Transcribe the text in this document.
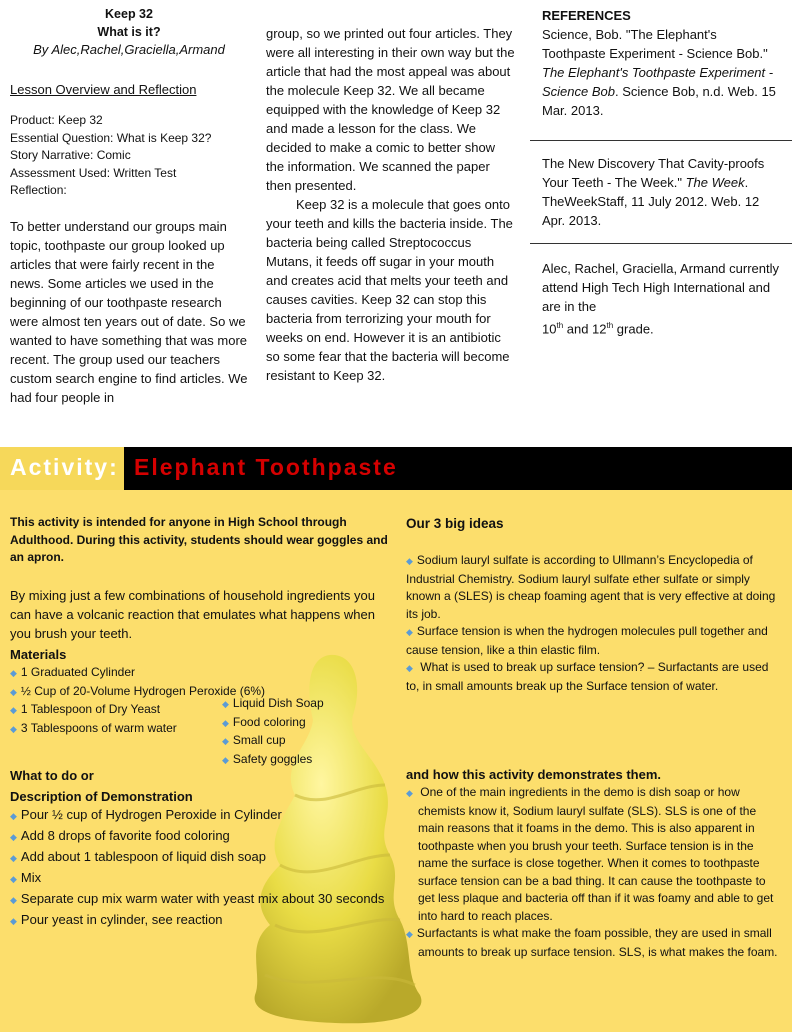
Keep 32
What is it?
By Alec,Rachel,Graciella,Armand
Lesson Overview and Reflection
Product: Keep 32
Essential Question: What is Keep 32?
Story Narrative: Comic
Assessment Used: Written Test
Reflection:
To better understand our groups main topic, toothpaste our group looked up articles that were fairly recent in the news. Some articles we used in the beginning of our toothpaste research were almost ten years out of date. So we wanted to have something that was more recent. The group used our teachers custom search engine to find articles. We had four people in

group, so we printed out four articles. They were all interesting in their own way but the article that had the most appeal was about the molecule Keep 32. We all became equipped with the knowledge of Keep 32 and made a lesson for the class. We decided to make a comic to better show the information. We scanned the paper then presented.

Keep 32 is a molecule that goes onto your teeth and kills the bacteria inside. The bacteria being called Streptococcus Mutans, it feeds off sugar in your mouth and creates acid that melts your teeth and causes cavities. Keep 32 can stop this bacteria from terrorizing your mouth for weeks on end. However it is an antibiotic so some fear that the bacteria will become resistant to Keep 32.

REFERENCES

Science, Bob. "The Elephant's Toothpaste Experiment - Science Bob." The Elephant's Toothpaste Experiment - Science Bob. Science Bob, n.d. Web. 15 Mar. 2013.

The New Discovery That Cavity-proofs Your Teeth - The Week." The Week. TheWeekStaff, 11 July 2012. Web. 12 Apr. 2013.

Alec, Rachel, Graciella, Armand currently attend High Tech High International and are in the
10th and 12th grade.

Activity: Elephant Toothpaste
This activity is intended for anyone in High School through Adulthood. During this activity, students should wear goggles and an apron.
By mixing just a few combinations of household ingredients you can have a volcanic reaction that emulates what happens when you brush your teeth.
Materials
◆ 1 Graduated Cylinder
◆ ½ Cup of 20-Volume Hydrogen Peroxide (6%)
◆ 1 Tablespoon of Dry Yeast
◆ 3 Tablespoons of warm water
◆ Liquid Dish Soap
◆ Food coloring
◆ Small cup
◆ Safety goggles
What to do or
Description of Demonstration
◆ Pour ½ cup of Hydrogen Peroxide in Cylinder
◆ Add 8 drops of favorite food coloring
◆ Add about 1 tablespoon of liquid dish soap
◆ Mix
◆ Separate cup mix warm water with yeast mix about 30 seconds
◆ Pour yeast in cylinder, see reaction
Our 3 big ideas
◆ Sodium lauryl sulfate is according to Ullmann’s Encyclopedia of Industrial Chemistry. Sodium lauryl sulfate ether sulfate or simply known a (SLES) is cheap foaming agent that is very effective at doing its job.
◆ Surface tension is when the hydrogen molecules pull together and cause tension, like a thin elastic film.
◆ What is used to break up surface tension? – Surfactants are used to, in small amounts break up the Surface tension of water.
and how this activity demonstrates them.
◆ One of the main ingredients in the demo is dish soap or how chemists know it, Sodium lauryl sulfate (SLS). SLS is one of the main reasons that it foams in the demo. This is also apparent in toothpaste when you brush your teeth. Surface tension is in the name the surface is close together. When it comes to toothpaste surface tension can be a bad thing. It can cause the toothpaste to get less plaque and bacteria off than if it was foamy and able to get into hard to reach places.
◆ Surfactants is what make the foam possible, they are used in small amounts to break up surface tension. SLS, is what makes the foam.
